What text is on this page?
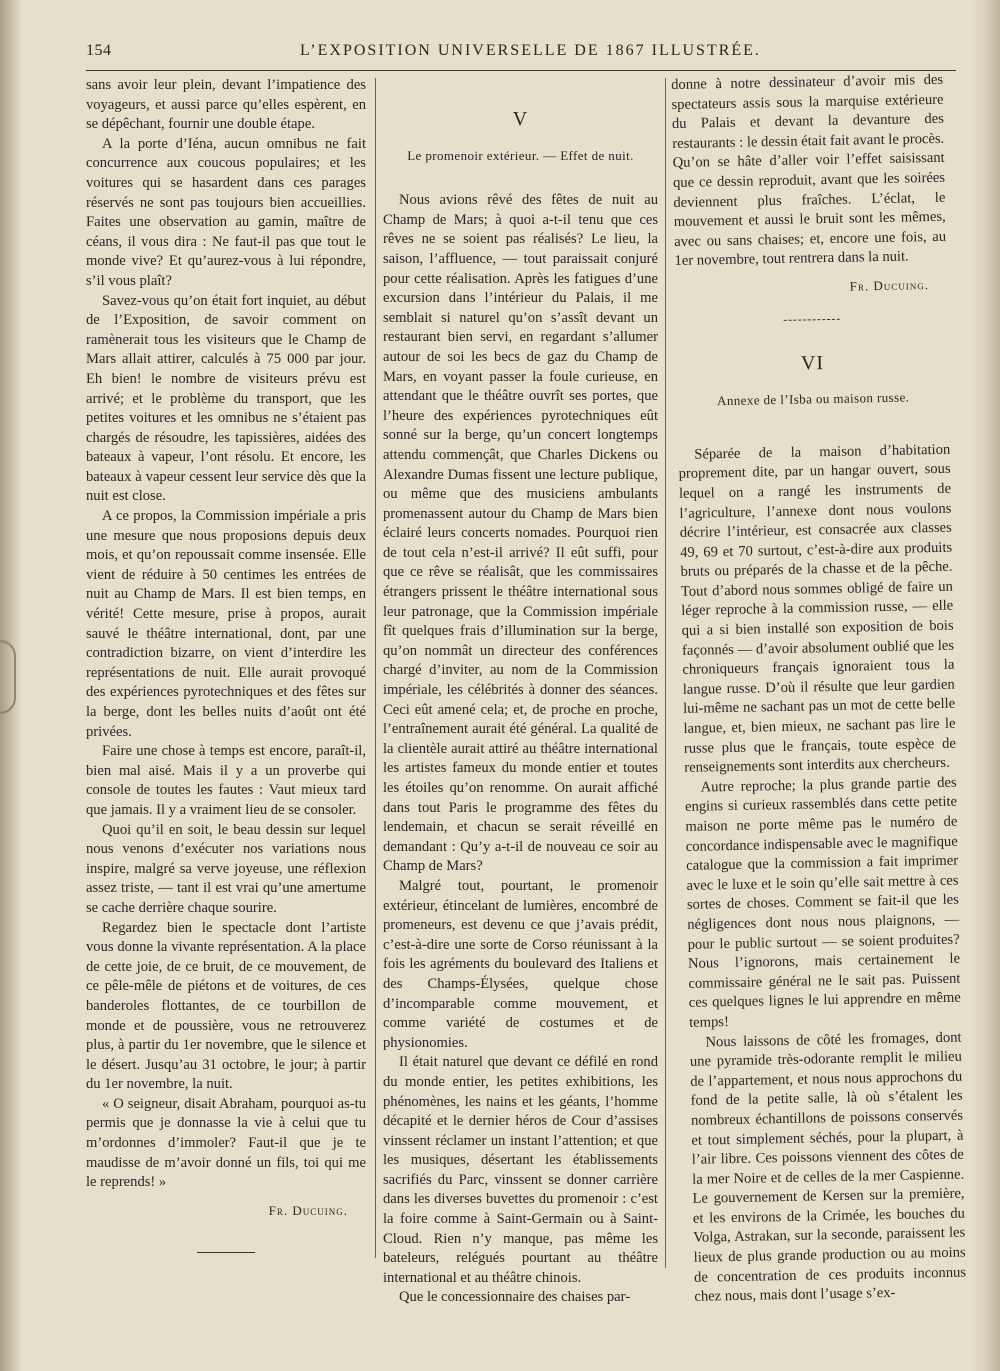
154	L’EXPOSITION UNIVERSELLE DE 1867 ILLUSTRÉE.

sans avoir leur plein, devant l’impatience des voyageurs, et aussi parce qu’elles espèrent, en se dépêchant, fournir une double étape.

A la porte d’Iéna, aucun omnibus ne fait concurrence aux coucous populaires; et les voitures qui se hasardent dans ces parages réservés ne sont pas toujours bien accueillies. Faites une observation au gamin, maître de céans, il vous dira : Ne faut-il pas que tout le monde vive? Et qu’aurez-vous à lui répondre, s’il vous plaît?

Savez-vous qu’on était fort inquiet, au début de l’Exposition, de savoir comment on ramènerait tous les visiteurs que le Champ de Mars allait attirer, calculés à 75 000 par jour. Eh bien! le nombre de visiteurs prévu est arrivé; et le problème du transport, que les petites voitures et les omnibus ne s’étaient pas chargés de résoudre, les tapissières, aidées des bateaux à vapeur, l’ont résolu. Et encore, les bateaux à vapeur cessent leur service dès que la nuit est close.

A ce propos, la Commission impériale a pris une mesure que nous proposions depuis deux mois, et qu’on repoussait comme insensée. Elle vient de réduire à 50 centimes les entrées de nuit au Champ de Mars. Il est bien temps, en vérité! Cette mesure, prise à propos, aurait sauvé le théâtre international, dont, par une contradiction bizarre, on vient d’interdire les représentations de nuit. Elle aurait provoqué des expériences pyrotechniques et des fêtes sur la berge, dont les belles nuits d’août ont été privées.

Faire une chose à temps est encore, paraît-il, bien mal aisé. Mais il y a un proverbe qui console de toutes les fautes : Vaut mieux tard que jamais. Il y a vraiment lieu de se consoler.

Quoi qu’il en soit, le beau dessin sur lequel nous venons d’exécuter nos variations nous inspire, malgré sa verve joyeuse, une réflexion assez triste, — tant il est vrai qu’une amertume se cache derrière chaque sourire.

Regardez bien le spectacle dont l’artiste vous donne la vivante représentation. A la place de cette joie, de ce bruit, de ce mouvement, de ce pêle-mêle de piétons et de voitures, de ces banderoles flottantes, de ce tourbillon de monde et de poussière, vous ne retrouverez plus, à partir du 1er novembre, que le silence et le désert. Jusqu’au 31 octobre, le jour; à partir du 1er novembre, la nuit.

« O seigneur, disait Abraham, pourquoi as-tu permis que je donnasse la vie à celui que tu m’ordonnes d’immoler? Faut-il que je te maudisse de m’avoir donné un fils, toi qui me le reprends! »

Fr. Ducuing.
V
Le promenoir extérieur. — Effet de nuit.

Nous avions rêvé des fêtes de nuit au Champ de Mars; à quoi a-t-il tenu que ces rêves ne se soient pas réalisés? Le lieu, la saison, l’affluence, — tout paraissait conjuré pour cette réalisation. Après les fatigues d’une excursion dans l’intérieur du Palais, il me semblait si naturel qu’on s’assît devant un restaurant bien servi, en regardant s’allumer autour de soi les becs de gaz du Champ de Mars, en voyant passer la foule curieuse, en attendant que le théâtre ouvrît ses portes, que l’heure des expériences pyrotechniques eût sonné sur la berge, qu’un concert longtemps attendu commençât, que Charles Dickens ou Alexandre Dumas fissent une lecture publique, ou même que des musiciens ambulants promenassent autour du Champ de Mars bien éclairé leurs concerts nomades. Pourquoi rien de tout cela n’est-il arrivé? Il eût suffi, pour que ce rêve se réalisât, que les commissaires étrangers prissent le théâtre international sous leur patronage, que la Commission impériale fît quelques frais d’illumination sur la berge, qu’on nommât un directeur des conférences chargé d’inviter, au nom de la Commission impériale, les célébrités à donner des séances. Ceci eût amené cela; et, de proche en proche, l’entraînement aurait été général. La qualité de la clientèle aurait attiré au théâtre international les artistes fameux du monde entier et toutes les étoiles qu’on renomme. On aurait affiché dans tout Paris le programme des fêtes du lendemain, et chacun se serait réveillé en demandant : Qu’y a-t-il de nouveau ce soir au Champ de Mars?

Malgré tout, pourtant, le promenoir extérieur, étincelant de lumières, encombré de promeneurs, est devenu ce que j’avais prédit, c’est-à-dire une sorte de Corso réunissant à la fois les agréments du boulevard des Italiens et des Champs-Élysées, quelque chose d’incomparable comme mouvement, et comme variété de costumes et de physionomies.

Il était naturel que devant ce défilé en rond du monde entier, les petites exhibitions, les phénomènes, les nains et les géants, l’homme décapité et le dernier héros de Cour d’assises vinssent réclamer un instant l’attention; et que les musiques, désertant les établissements sacrifiés du Parc, vinssent se donner carrière dans les diverses buvettes du promenoir : c’est la foire comme à Saint-Germain ou à Saint-Cloud. Rien n’y manque, pas même les bateleurs, relégués pourtant au théâtre international et au théâtre chinois.

Que le concessionnaire des chaises par-

donne à notre dessinateur d’avoir mis des spectateurs assis sous la marquise extérieure du Palais et devant la devanture des restaurants : le dessin était fait avant le procès. Qu’on se hâte d’aller voir l’effet saisissant que ce dessin reproduit, avant que les soirées deviennent plus fraîches. L’éclat, le mouvement et aussi le bruit sont les mêmes, avec ou sans chaises; et, encore une fois, au 1er novembre, tout rentrera dans la nuit.

Fr. Ducuing.
VI
Annexe de l’Isba ou maison russe.

Séparée de la maison d’habitation proprement dite, par un hangar ouvert, sous lequel on a rangé les instruments de l’agriculture, l’annexe dont nous voulons décrire l’intérieur, est consacrée aux classes 49, 69 et 70 surtout, c’est-à-dire aux produits bruts ou préparés de la chasse et de la pêche. Tout d’abord nous sommes obligé de faire un léger reproche à la commission russe, — elle qui a si bien installé son exposition de bois façonnés — d’avoir absolument oublié que les chroniqueurs français ignoraient tous la langue russe. D’où il résulte que leur gardien lui-même ne sachant pas un mot de cette belle langue, et, bien mieux, ne sachant pas lire le russe plus que le français, toute espèce de renseignements sont interdits aux chercheurs.

Autre reproche; la plus grande partie des engins si curieux rassemblés dans cette petite maison ne porte même pas le numéro de concordance indispensable avec le magnifique catalogue que la commission a fait imprimer avec le luxe et le soin qu’elle sait mettre à ces sortes de choses. Comment se fait-il que les négligences dont nous nous plaignons, — pour le public surtout — se soient produites? Nous l’ignorons, mais certainement le commissaire général ne le sait pas. Puissent ces quelques lignes le lui apprendre en même temps!

Nous laissons de côté les fromages, dont une pyramide très-odorante remplit le milieu de l’appartement, et nous nous approchons du fond de la petite salle, là où s’étalent les nombreux échantillons de poissons conservés et tout simplement séchés, pour la plupart, à l’air libre. Ces poissons viennent des côtes de la mer Noire et de celles de la mer Caspienne. Le gouvernement de Kersen sur la première, et les environs de la Crimée, les bouches du Volga, Astrakan, sur la seconde, paraissent les lieux de plus grande production ou au moins de concentration de ces produits inconnus chez nous, mais dont l’usage s’ex-
